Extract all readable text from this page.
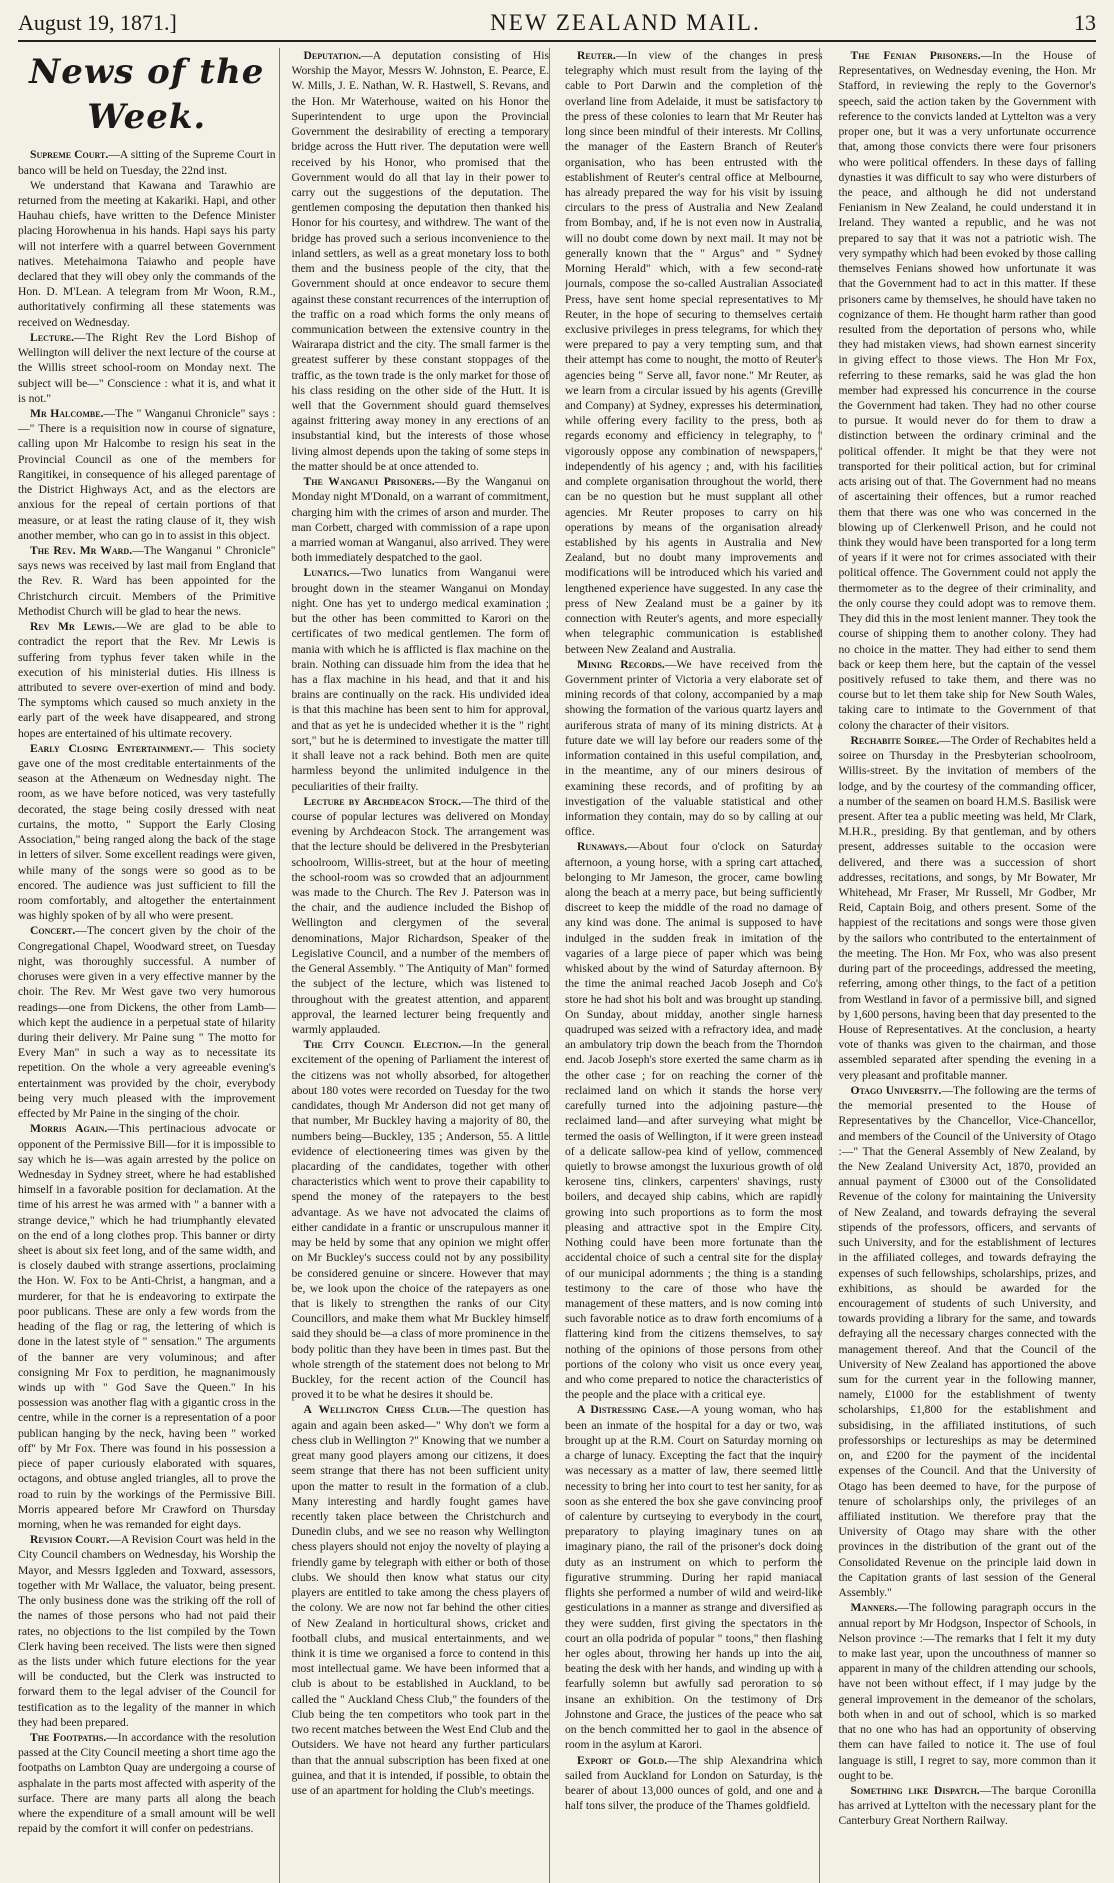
August 19, 1871.]	NEW ZEALAND MAIL.	13
News of the Week.

Supreme Court.—A sitting of the Supreme Court in banco will be held on Tuesday, the 22nd inst.

We understand that Kawana and Tarawhio are returned from the meeting at Kakariki. Hapi, and other Hauhau chiefs, have written to the Defence Minister placing Horowhenua in his hands. Hapi says his party will not interfere with a quarrel between Government natives. Metehaimona Taiawho and people have declared that they will obey only the commands of the Hon. D. M'Lean. A telegram from Mr Woon, R.M., authoritatively confirming all these statements was received on Wednesday.

Lecture.—The Right Rev the Lord Bishop of Wellington will deliver the next lecture of the course at the Willis street school-room on Monday next. The subject will be—" Conscience : what it is, and what it is not."

Mr Halcombe.—The " Wanganui Chronicle" says :—" There is a requisition now in course of signature, calling upon Mr Halcombe to resign his seat in the Provincial Council as one of the members for Rangitikei, in consequence of his alleged parentage of the District Highways Act, and as the electors are anxious for the repeal of certain portions of that measure, or at least the rating clause of it, they wish another member, who can go in to assist in this object.

The Rev. Mr Ward.—The Wanganui " Chronicle" says news was received by last mail from England that the Rev. R. Ward has been appointed for the Christchurch circuit. Members of the Primitive Methodist Church will be glad to hear the news.

Rev Mr Lewis.—We are glad to be able to contradict the report that the Rev. Mr Lewis is suffering from typhus fever taken while in the execution of his ministerial duties. His illness is attributed to severe over-exertion of mind and body. The symptoms which caused so much anxiety in the early part of the week have disappeared, and strong hopes are entertained of his ultimate recovery.

Early Closing Entertainment.— This society gave one of the most creditable entertainments of the season at the Athenæum on Wednesday night. The room, as we have before noticed, was very tastefully decorated, the stage being cosily dressed with neat curtains, the motto, " Support the Early Closing Association," being ranged along the back of the stage in letters of silver. Some excellent readings were given, while many of the songs were so good as to be encored. The audience was just sufficient to fill the room comfortably, and altogether the entertainment was highly spoken of by all who were present.

Concert.—The concert given by the choir of the Congregational Chapel, Woodward street, on Tuesday night, was thoroughly successful. A number of choruses were given in a very effective manner by the choir. The Rev. Mr West gave two very humorous readings—one from Dickens, the other from Lamb—which kept the audience in a perpetual state of hilarity during their delivery. Mr Paine sung " The motto for Every Man" in such a way as to necessitate its repetition. On the whole a very agreeable evening's entertainment was provided by the choir, everybody being very much pleased with the improvement effected by Mr Paine in the singing of the choir.

Morris Again.—This pertinacious advocate or opponent of the Permissive Bill—for it is impossible to say which he is—was again arrested by the police on Wednesday in Sydney street, where he had established himself in a favorable position for declamation. At the time of his arrest he was armed with " a banner with a strange device," which he had triumphantly elevated on the end of a long clothes prop. This banner or dirty sheet is about six feet long, and of the same width, and is closely daubed with strange assertions, proclaiming the Hon. W. Fox to be Anti-Christ, a hangman, and a murderer, for that he is endeavoring to extirpate the poor publicans. These are only a few words from the heading of the flag or rag, the lettering of which is done in the latest style of " sensation." The arguments of the banner are very voluminous; and after consigning Mr Fox to perdition, he magnanimously winds up with " God Save the Queen." In his possession was another flag with a gigantic cross in the centre, while in the corner is a representation of a poor publican hanging by the neck, having been " worked off" by Mr Fox. There was found in his possession a piece of paper curiously elaborated with squares, octagons, and obtuse angled triangles, all to prove the road to ruin by the workings of the Permissive Bill. Morris appeared before Mr Crawford on Thursday morning, when he was remanded for eight days.

Revision Court.—A Revision Court was held in the City Council chambers on Wednesday, his Worship the Mayor, and Messrs Iggleden and Toxward, assessors, together with Mr Wallace, the valuator, being present. The only business done was the striking off the roll of the names of those persons who had not paid their rates, no objections to the list compiled by the Town Clerk having been received. The lists were then signed as the lists under which future elections for the year will be conducted, but the Clerk was instructed to forward them to the legal adviser of the Council for testification as to the legality of the manner in which they had been prepared.

The Footpaths.—In accordance with the resolution passed at the City Council meeting a short time ago the footpaths on Lambton Quay are undergoing a course of asphalate in the parts most affected with asperity of the surface. There are many parts all along the beach where the expenditure of a small amount will be well repaid by the comfort it will confer on pedestrians.

Deputation.—A deputation consisting of His Worship the Mayor, Messrs W. Johnston, E. Pearce, E. W. Mills, J. E. Nathan, W. R. Hastwell, S. Revans, and the Hon. Mr Waterhouse, waited on his Honor the Superintendent to urge upon the Provincial Government the desirability of erecting a temporary bridge across the Hutt river. The deputation were well received by his Honor, who promised that the Government would do all that lay in their power to carry out the suggestions of the deputation. The gentlemen composing the deputation then thanked his Honor for his courtesy, and withdrew. The want of the bridge has proved such a serious inconvenience to the inland settlers, as well as a great monetary loss to both them and the business people of the city, that the Government should at once endeavor to secure them against these constant recurrences of the interruption of the traffic on a road which forms the only means of communication between the extensive country in the Wairarapa district and the city. The small farmer is the greatest sufferer by these constant stoppages of the traffic, as the town trade is the only market for those of his class residing on the other side of the Hutt. It is well that the Government should guard themselves against frittering away money in any erections of an insubstantial kind, but the interests of those whose living almost depends upon the taking of some steps in the matter should be at once attended to.

The Wanganui Prisoners.—By the Wanganui on Monday night M'Donald, on a warrant of commitment, charging him with the crimes of arson and murder. The man Corbett, charged with commission of a rape upon a married woman at Wanganui, also arrived. They were both immediately despatched to the gaol.

Lunatics.—Two lunatics from Wanganui were brought down in the steamer Wanganui on Monday night. One has yet to undergo medical examination ; but the other has been committed to Karori on the certificates of two medical gentlemen. The form of mania with which he is afflicted is flax machine on the brain. Nothing can dissuade him from the idea that he has a flax machine in his head, and that it and his brains are continually on the rack. His undivided idea is that this machine has been sent to him for approval, and that as yet he is undecided whether it is the " right sort," but he is determined to investigate the matter till it shall leave not a rack behind. Both men are quite harmless beyond the unlimited indulgence in the peculiarities of their frailty.

Lecture by Archdeacon Stock.—The third of the course of popular lectures was delivered on Monday evening by Archdeacon Stock. The arrangement was that the lecture should be delivered in the Presbyterian schoolroom, Willis-street, but at the hour of meeting the school-room was so crowded that an adjournment was made to the Church. The Rev J. Paterson was in the chair, and the audience included the Bishop of Wellington and clergymen of the several denominations, Major Richardson, Speaker of the Legislative Council, and a number of the members of the General Assembly. " The Antiquity of Man" formed the subject of the lecture, which was listened to throughout with the greatest attention, and apparent approval, the learned lecturer being frequently and warmly applauded.

The City Council Election.—In the general excitement of the opening of Parliament the interest of the citizens was not wholly absorbed, for altogether about 180 votes were recorded on Tuesday for the two candidates, though Mr Anderson did not get many of that number, Mr Buckley having a majority of 80, the numbers being—Buckley, 135 ; Anderson, 55. A little evidence of electioneering times was given by the placarding of the candidates, together with other characteristics which went to prove their capability to spend the money of the ratepayers to the best advantage. As we have not advocated the claims of either candidate in a frantic or unscrupulous manner it may be held by some that any opinion we might offer on Mr Buckley's success could not by any possibility be considered genuine or sincere. However that may be, we look upon the choice of the ratepayers as one that is likely to strengthen the ranks of our City Councillors, and make them what Mr Buckley himself said they should be—a class of more prominence in the body politic than they have been in times past. But the whole strength of the statement does not belong to Mr Buckley, for the recent action of the Council has proved it to be what he desires it should be.

A Wellington Chess Club.—The question has again and again been asked—" Why don't we form a chess club in Wellington ?" Knowing that we number a great many good players among our citizens, it does seem strange that there has not been sufficient unity upon the matter to result in the formation of a club. Many interesting and hardly fought games have recently taken place between the Christchurch and Dunedin clubs, and we see no reason why Wellington chess players should not enjoy the novelty of playing a friendly game by telegraph with either or both of those clubs. We should then know what status our city players are entitled to take among the chess players of the colony. We are now not far behind the other cities of New Zealand in horticultural shows, cricket and football clubs, and musical entertainments, and we think it is time we organised a force to contend in this most intellectual game. We have been informed that a club is about to be established in Auckland, to be called the " Auckland Chess Club," the founders of the Club being the ten competitors who took part in the two recent matches between the West End Club and the Outsiders. We have not heard any further particulars than that the annual subscription has been fixed at one guinea, and that it is intended, if possible, to obtain the use of an apartment for holding the Club's meetings.

Reuter.—In view of the changes in press telegraphy which must result from the laying of the cable to Port Darwin and the completion of the overland line from Adelaide, it must be satisfactory to the press of these colonies to learn that Mr Reuter has long since been mindful of their interests. Mr Collins, the manager of the Eastern Branch of Reuter's organisation, who has been entrusted with the establishment of Reuter's central office at Melbourne, has already prepared the way for his visit by issuing circulars to the press of Australia and New Zealand from Bombay, and, if he is not even now in Australia, will no doubt come down by next mail. It may not be generally known that the " Argus" and " Sydney Morning Herald" which, with a few second-rate journals, compose the so-called Australian Associated Press, have sent home special representatives to Mr Reuter, in the hope of securing to themselves certain exclusive privileges in press telegrams, for which they were prepared to pay a very tempting sum, and that their attempt has come to nought, the motto of Reuter's agencies being " Serve all, favor none." Mr Reuter, as we learn from a circular issued by his agents (Greville and Company) at Sydney, expresses his determination, while offering every facility to the press, both as regards economy and efficiency in telegraphy, to " vigorously oppose any combination of newspapers," independently of his agency ; and, with his facilities and complete organisation throughout the world, there can be no question but he must supplant all other agencies. Mr Reuter proposes to carry on his operations by means of the organisation already established by his agents in Australia and New Zealand, but no doubt many improvements and modifications will be introduced which his varied and lengthened experience have suggested. In any case the press of New Zealand must be a gainer by its connection with Reuter's agents, and more especially when telegraphic communication is established between New Zealand and Australia.

Mining Records.—We have received from the Government printer of Victoria a very elaborate set of mining records of that colony, accompanied by a map showing the formation of the various quartz layers and auriferous strata of many of its mining districts. At a future date we will lay before our readers some of the information contained in this useful compilation, and, in the meantime, any of our miners desirous of examining these records, and of profiting by an investigation of the valuable statistical and other information they contain, may do so by calling at our office.

Runaways.—About four o'clock on Saturday afternoon, a young horse, with a spring cart attached, belonging to Mr Jameson, the grocer, came bowling along the beach at a merry pace, but being sufficiently discreet to keep the middle of the road no damage of any kind was done. The animal is supposed to have indulged in the sudden freak in imitation of the vagaries of a large piece of paper which was being whisked about by the wind of Saturday afternoon. By the time the animal reached Jacob Joseph and Co's store he had shot his bolt and was brought up standing. On Sunday, about midday, another single harness quadruped was seized with a refractory idea, and made an ambulatory trip down the beach from the Thorndon end. Jacob Joseph's store exerted the same charm as in the other case ; for on reaching the corner of the reclaimed land on which it stands the horse very carefully turned into the adjoining pasture—the reclaimed land—and after surveying what might be termed the oasis of Wellington, if it were green instead of a delicate sallow-pea kind of yellow, commenced quietly to browse amongst the luxurious growth of old kerosene tins, clinkers, carpenters' shavings, rusty boilers, and decayed ship cabins, which are rapidly growing into such proportions as to form the most pleasing and attractive spot in the Empire City. Nothing could have been more fortunate than the accidental choice of such a central site for the display of our municipal adornments ; the thing is a standing testimony to the care of those who have the management of these matters, and is now coming into such favorable notice as to draw forth encomiums of a flattering kind from the citizens themselves, to say nothing of the opinions of those persons from other portions of the colony who visit us once every year, and who come prepared to notice the characteristics of the people and the place with a critical eye.

A Distressing Case.—A young woman, who has been an inmate of the hospital for a day or two, was brought up at the R.M. Court on Saturday morning on a charge of lunacy. Excepting the fact that the inquiry was necessary as a matter of law, there seemed little necessity to bring her into court to test her sanity, for as soon as she entered the box she gave convincing proof of calenture by curtseying to everybody in the court, preparatory to playing imaginary tunes on an imaginary piano, the rail of the prisoner's dock doing duty as an instrument on which to perform the figurative strumming. During her rapid maniacal flights she performed a number of wild and weird-like gesticulations in a manner as strange and diversified as they were sudden, first giving the spectators in the court an olla podrida of popular " toons," then flashing her ogles about, throwing her hands up into the air, beating the desk with her hands, and winding up with a fearfully solemn but awfully sad peroration to so insane an exhibition. On the testimony of Drs Johnstone and Grace, the justices of the peace who sat on the bench committed her to gaol in the absence of room in the asylum at Karori.

Export of Gold.—The ship Alexandrina which sailed from Auckland for London on Saturday, is the bearer of about 13,000 ounces of gold, and one and a half tons silver, the produce of the Thames goldfield.

The Fenian Prisoners.—In the House of Representatives, on Wednesday evening, the Hon. Mr Stafford, in reviewing the reply to the Governor's speech, said the action taken by the Government with reference to the convicts landed at Lyttelton was a very proper one, but it was a very unfortunate occurrence that, among those convicts there were four prisoners who were political offenders. In these days of falling dynasties it was difficult to say who were disturbers of the peace, and although he did not understand Fenianism in New Zealand, he could understand it in Ireland. They wanted a republic, and he was not prepared to say that it was not a patriotic wish. The very sympathy which had been evoked by those calling themselves Fenians showed how unfortunate it was that the Government had to act in this matter. If these prisoners came by themselves, he should have taken no cognizance of them. He thought harm rather than good resulted from the deportation of persons who, while they had mistaken views, had shown earnest sincerity in giving effect to those views. The Hon Mr Fox, referring to these remarks, said he was glad the hon member had expressed his concurrence in the course the Government had taken. They had no other course to pursue. It would never do for them to draw a distinction between the ordinary criminal and the political offender. It might be that they were not transported for their political action, but for criminal acts arising out of that. The Government had no means of ascertaining their offences, but a rumor reached them that there was one who was concerned in the blowing up of Clerkenwell Prison, and he could not think they would have been transported for a long term of years if it were not for crimes associated with their political offence. The Government could not apply the thermometer as to the degree of their criminality, and the only course they could adopt was to remove them. They did this in the most lenient manner. They took the course of shipping them to another colony. They had no choice in the matter. They had either to send them back or keep them here, but the captain of the vessel positively refused to take them, and there was no course but to let them take ship for New South Wales, taking care to intimate to the Government of that colony the character of their visitors.

Rechabite Soiree.—The Order of Rechabites held a soiree on Thursday in the Presbyterian schoolroom, Willis-street. By the invitation of members of the lodge, and by the courtesy of the commanding officer, a number of the seamen on board H.M.S. Basilisk were present. After tea a public meeting was held, Mr Clark, M.H.R., presiding. By that gentleman, and by others present, addresses suitable to the occasion were delivered, and there was a succession of short addresses, recitations, and songs, by Mr Bowater, Mr Whitehead, Mr Fraser, Mr Russell, Mr Godber, Mr Reid, Captain Boig, and others present. Some of the happiest of the recitations and songs were those given by the sailors who contributed to the entertainment of the meeting. The Hon. Mr Fox, who was also present during part of the proceedings, addressed the meeting, referring, among other things, to the fact of a petition from Westland in favor of a permissive bill, and signed by 1,600 persons, having been that day presented to the House of Representatives. At the conclusion, a hearty vote of thanks was given to the chairman, and those assembled separated after spending the evening in a very pleasant and profitable manner.

Otago University.—The following are the terms of the memorial presented to the House of Representatives by the Chancellor, Vice-Chancellor, and members of the Council of the University of Otago :—" That the General Assembly of New Zealand, by the New Zealand University Act, 1870, provided an annual payment of £3000 out of the Consolidated Revenue of the colony for maintaining the University of New Zealand, and towards defraying the several stipends of the professors, officers, and servants of such University, and for the establishment of lectures in the affiliated colleges, and towards defraying the expenses of such fellowships, scholarships, prizes, and exhibitions, as should be awarded for the encouragement of students of such University, and towards providing a library for the same, and towards defraying all the necessary charges connected with the management thereof. And that the Council of the University of New Zealand has apportioned the above sum for the current year in the following manner, namely, £1000 for the establishment of twenty scholarships, £1,800 for the establishment and subsidising, in the affiliated institutions, of such professorships or lectureships as may be determined on, and £200 for the payment of the incidental expenses of the Council. And that the University of Otago has been deemed to have, for the purpose of tenure of scholarships only, the privileges of an affiliated institution. We therefore pray that the University of Otago may share with the other provinces in the distribution of the grant out of the Consolidated Revenue on the principle laid down in the Capitation grants of last session of the General Assembly."

Manners.—The following paragraph occurs in the annual report by Mr Hodgson, Inspector of Schools, in Nelson province :—The remarks that I felt it my duty to make last year, upon the uncouthness of manner so apparent in many of the children attending our schools, have not been without effect, if I may judge by the general improvement in the demeanor of the scholars, both when in and out of school, which is so marked that no one who has had an opportunity of observing them can have failed to notice it. The use of foul language is still, I regret to say, more common than it ought to be.

Something like Dispatch.—The barque Coronilla has arrived at Lyttelton with the necessary plant for the Canterbury Great Northern Railway.
